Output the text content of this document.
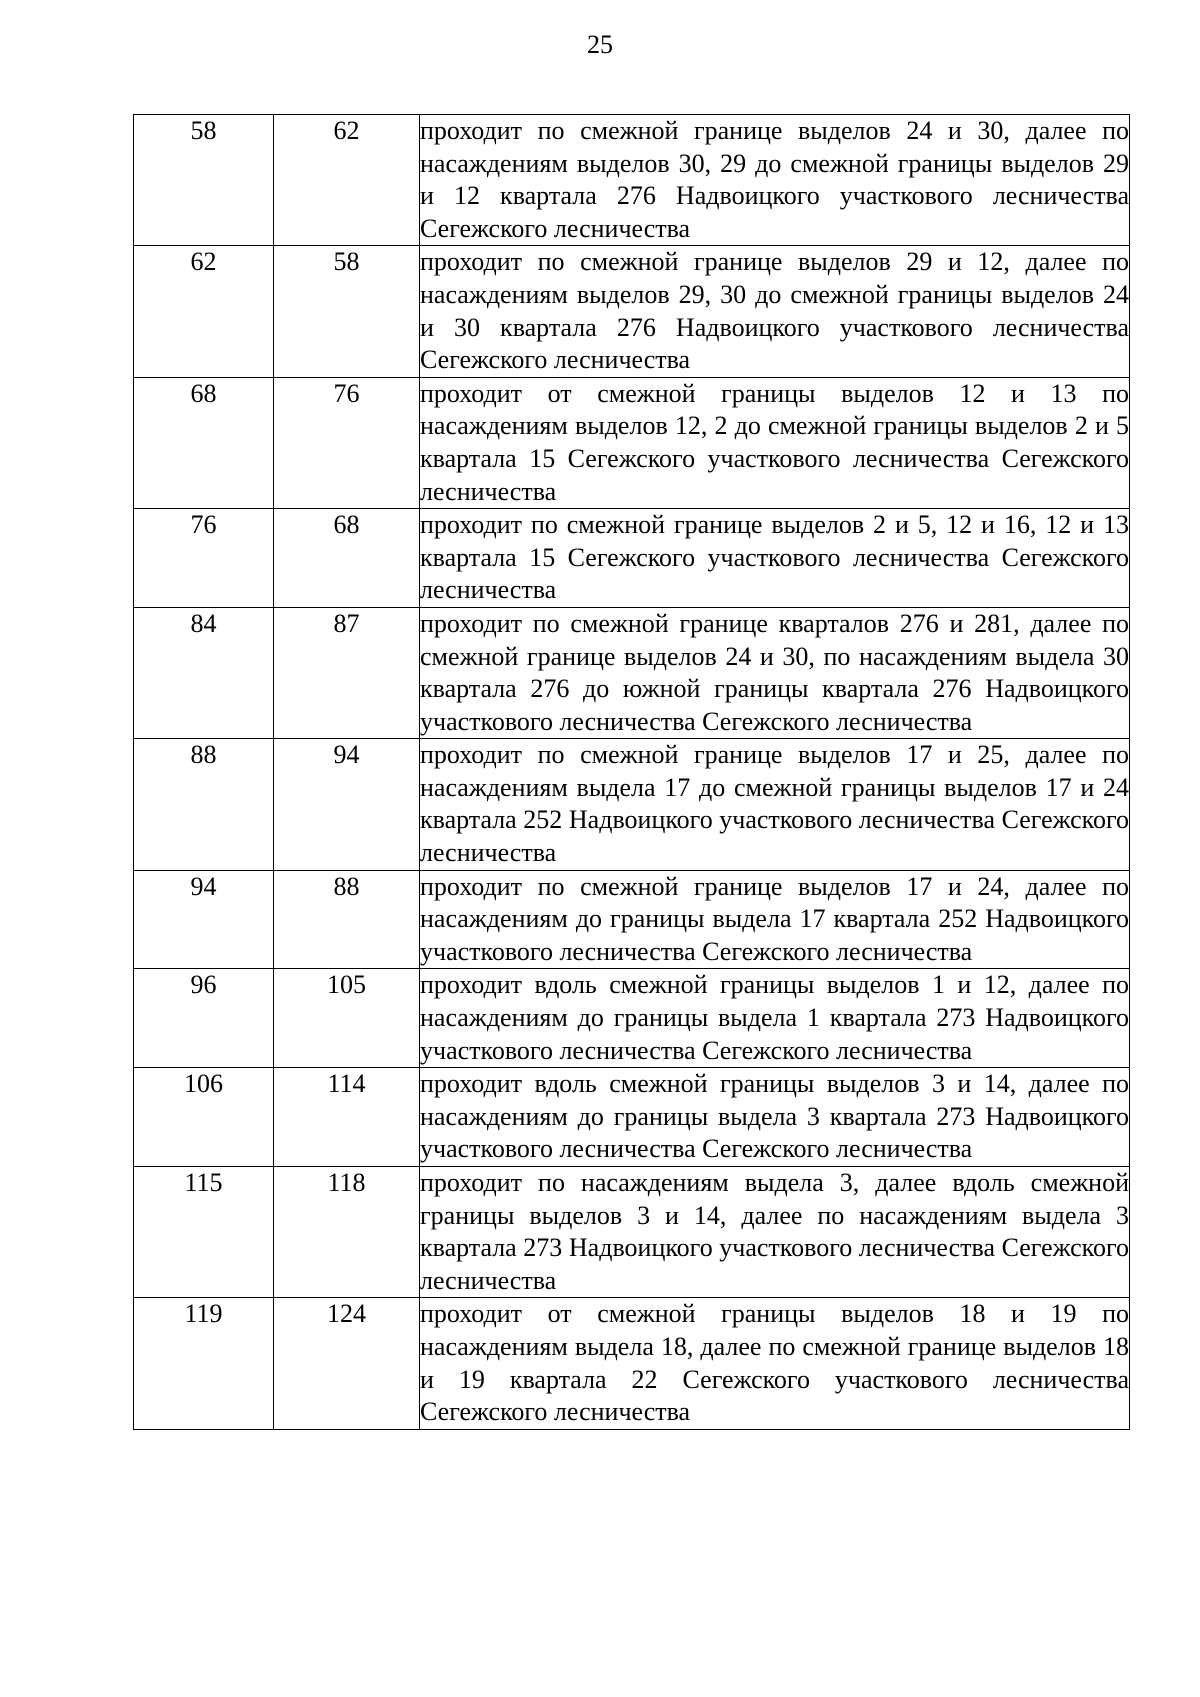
25
58	62	проходит по смежной границе выделов 24 и 30, далее по насаждениям выделов 30, 29 до смежной границы выделов 29 и 12 квартала 276 Надвоицкого участкового лесничества Сегежского лесничества
62	58	проходит по смежной границе выделов 29 и 12, далее по насаждениям выделов 29, 30 до смежной границы выделов 24 и 30 квартала 276 Надвоицкого участкового лесничества Сегежского лесничества
68	76	проходит от смежной границы выделов 12 и 13 по насаждениям выделов 12, 2 до смежной границы выделов 2 и 5 квартала 15 Сегежского участкового лесничества Сегежского лесничества
76	68	проходит по смежной границе выделов 2 и 5, 12 и 16, 12 и 13 квартала 15 Сегежского участкового лесничества Сегежского лесничества
84	87	проходит по смежной границе кварталов 276 и 281, далее по смежной границе выделов 24 и 30, по насаждениям выдела 30 квартала 276 до южной границы квартала 276 Надвоицкого участкового лесничества Сегежского лесничества
88	94	проходит по смежной границе выделов 17 и 25, далее по насаждениям выдела 17 до смежной границы выделов 17 и 24 квартала 252 Надвоицкого участкового лесничества Сегежского лесничества
94	88	проходит по смежной границе выделов 17 и 24, далее по насаждениям до границы выдела 17 квартала 252 Надвоицкого участкового лесничества Сегежского лесничества
96	105	проходит вдоль смежной границы выделов 1 и 12, далее по насаждениям до границы выдела 1 квартала 273 Надвоицкого участкового лесничества Сегежского лесничества
106	114	проходит вдоль смежной границы выделов 3 и 14, далее по насаждениям до границы выдела 3 квартала 273 Надвоицкого участкового лесничества Сегежского лесничества
115	118	проходит по насаждениям выдела 3, далее вдоль смежной границы выделов 3 и 14, далее по насаждениям выдела 3 квартала 273 Надвоицкого участкового лесничества Сегежского лесничества
119	124	проходит от смежной границы выделов 18 и 19 по насаждениям выдела 18, далее по смежной границе выделов 18 и 19 квартала 22 Сегежского участкового лесничества Сегежского лесничества
